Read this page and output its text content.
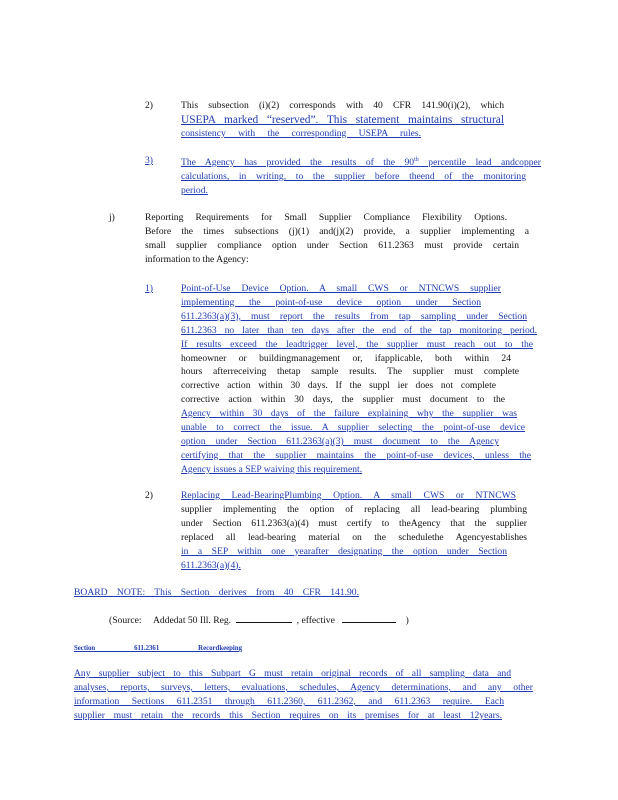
2)	This subsection (i)(2) corresponds with 40 CFR 141.90(i)(2), which
USEPA marked “reserved”. This statement maintains structural
consistency with the corresponding USEPA rules.
3)	The Agency has provided the results of the 90th percentile lead andcopper
calculations, in writing, to the supplier before theend of the monitoring
period.
j)	Reporting Requirements for Small Supplier Compliance Flexibility Options.
Before the times subsections (j)(1) and(j)(2) provide, a supplier implementing a
small supplier compliance option under Section 611.2363 must provide certain
information to the Agency:
1)	Point-of-Use Device Option. A small CWS or NTNCWS supplier
implementing the point-of-use device option under Section
611.2363(a)(3), must report the results from tap sampling under Section
611.2363 no later than ten days after the end of the tap monitoring period.
If results exceed the leadtrigger level, the supplier must reach out to the
homeowner or buildingmanagement or, ifapplicable, both within 24
hours afterreceiving thetap sample results. The supplier must complete
corrective action within 30 days. If the suppl ier does not complete
corrective action within 30 days, the supplier must document to the
Agency within 30 days of the failure explaining why the supplier was
unable to correct the issue. A supplier selecting the point-of-use device
option under Section 611.2363(a)(3) must document to the Agency
certifying that the supplier maintains the point-of-use devices, unless the
Agency issues a SEP waiving this requirement.
2)	Replacing Lead-BearingPlumbing Option. A small CWS or NTNCWS
supplier implementing the option of replacing all lead-bearing plumbing
under Section 611.2363(a)(4) must certify to theAgency that the supplier
replaced all lead-bearing material on the schedulethe Agencyestablishes
in a SEP within one yearafter designating the option under Section
611.2363(a)(4).
BOARD NOTE: This Section derives from 40 CFR 141.90.
(Source: Addedat 50 Ill. Reg.	, effective	)
Section 611.2361 Recordkeeping
Any supplier subject to this Subpart G must retain original records of all sampling data and
analyses, reports, surveys, letters, evaluations, schedules, Agency determinations, and any other
information Sections 611.2351 through 611.2360, 611.2362, and 611.2363 require. Each
supplier must retain the records this Section requires on its premises for at least 12years.
